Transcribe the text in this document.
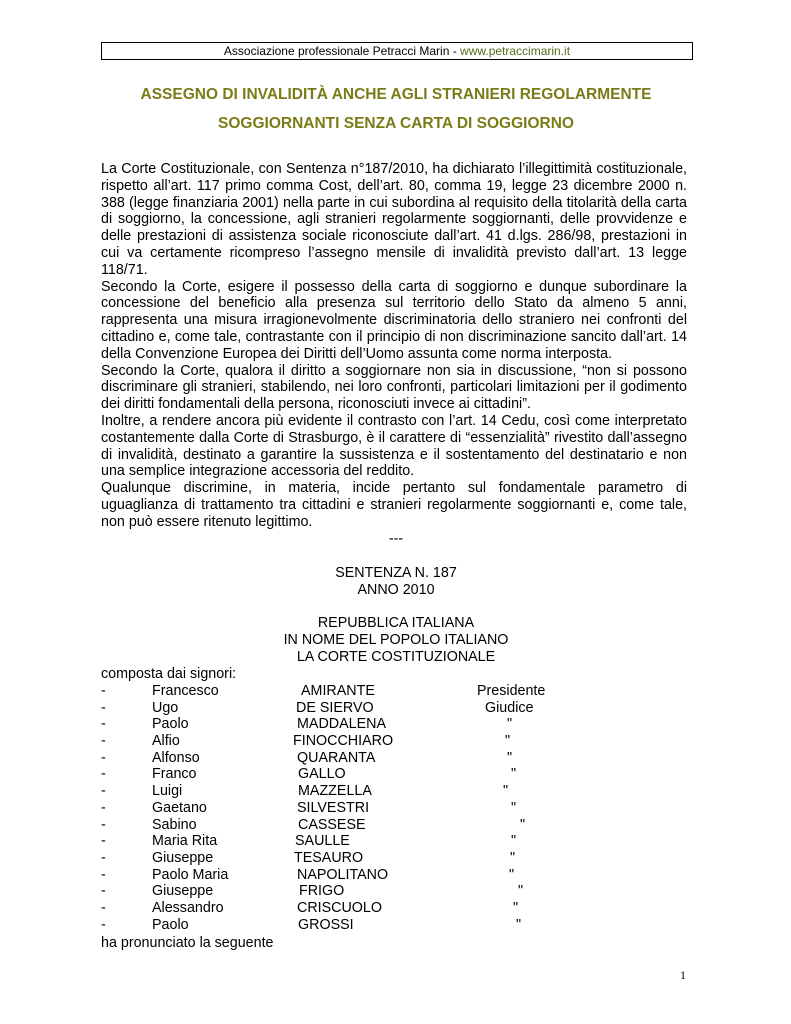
Associazione professionale Petracci Marin - www.petraccimarin.it
ASSEGNO DI INVALIDITÀ ANCHE AGLI STRANIERI REGOLARMENTE
SOGGIORNANTI SENZA CARTA DI SOGGIORNO

La Corte Costituzionale, con Sentenza n°187/2010, ha dichiarato l’illegittimità costituzionale, rispetto all’art. 117 primo comma Cost, dell’art. 80, comma 19, legge 23 dicembre 2000 n. 388 (legge finanziaria 2001) nella parte in cui subordina al requisito della titolarità della carta di soggiorno, la concessione, agli stranieri regolarmente soggiornanti, delle provvidenze e delle prestazioni di assistenza sociale riconosciute dall’art. 41 d.lgs. 286/98, prestazioni in cui va certamente ricompreso l’assegno mensile di invalidità previsto dall’art. 13 legge 118/71.

Secondo la Corte, esigere il possesso della carta di soggiorno e dunque subordinare la concessione del beneficio alla presenza sul territorio dello Stato da almeno 5 anni, rappresenta una misura irragionevolmente discriminatoria dello straniero nei confronti del cittadino e, come tale, contrastante con il principio di non discriminazione sancito dall’art. 14 della Convenzione Europea dei Diritti dell’Uomo assunta come norma interposta.

Secondo la Corte, qualora il diritto a soggiornare non sia in discussione, “non si possono discriminare gli stranieri, stabilendo, nei loro confronti, particolari limitazioni per il godimento dei diritti fondamentali della persona, riconosciuti invece ai cittadini”.

Inoltre, a rendere ancora più evidente il contrasto con l’art. 14 Cedu, così come interpretato costantemente dalla Corte di Strasburgo, è il carattere di “essenzialità” rivestito dall’assegno di invalidità, destinato a garantire la sussistenza e il sostentamento del destinatario e non una semplice integrazione accessoria del reddito.

Qualunque discrimine, in materia, incide pertanto sul fondamentale parametro di uguaglianza di trattamento tra cittadini e stranieri regolarmente soggiornanti e, come tale, non può essere ritenuto legittimo.

---
SENTENZA N. 187
ANNO 2010
REPUBBLICA ITALIANA
IN NOME DEL POPOLO ITALIANO
LA CORTE COSTITUZIONALE
composta dai signori:
-	Francesco	AMIRANTE	Presidente
-	Ugo	DE SIERVO	Giudice
-	Paolo	MADDALENA	"
-	Alfio	FINOCCHIARO	"
-	Alfonso	QUARANTA	"
-	Franco	GALLO	"
-	Luigi	MAZZELLA	"
-	Gaetano	SILVESTRI	"
-	Sabino	CASSESE	"
-	Maria Rita	SAULLE	"
-	Giuseppe	TESAURO	"
-	Paolo Maria	NAPOLITANO	"
-	Giuseppe	FRIGO	"
-	Alessandro	CRISCUOLO	"
-	Paolo	GROSSI	"
ha pronunciato la seguente
1
